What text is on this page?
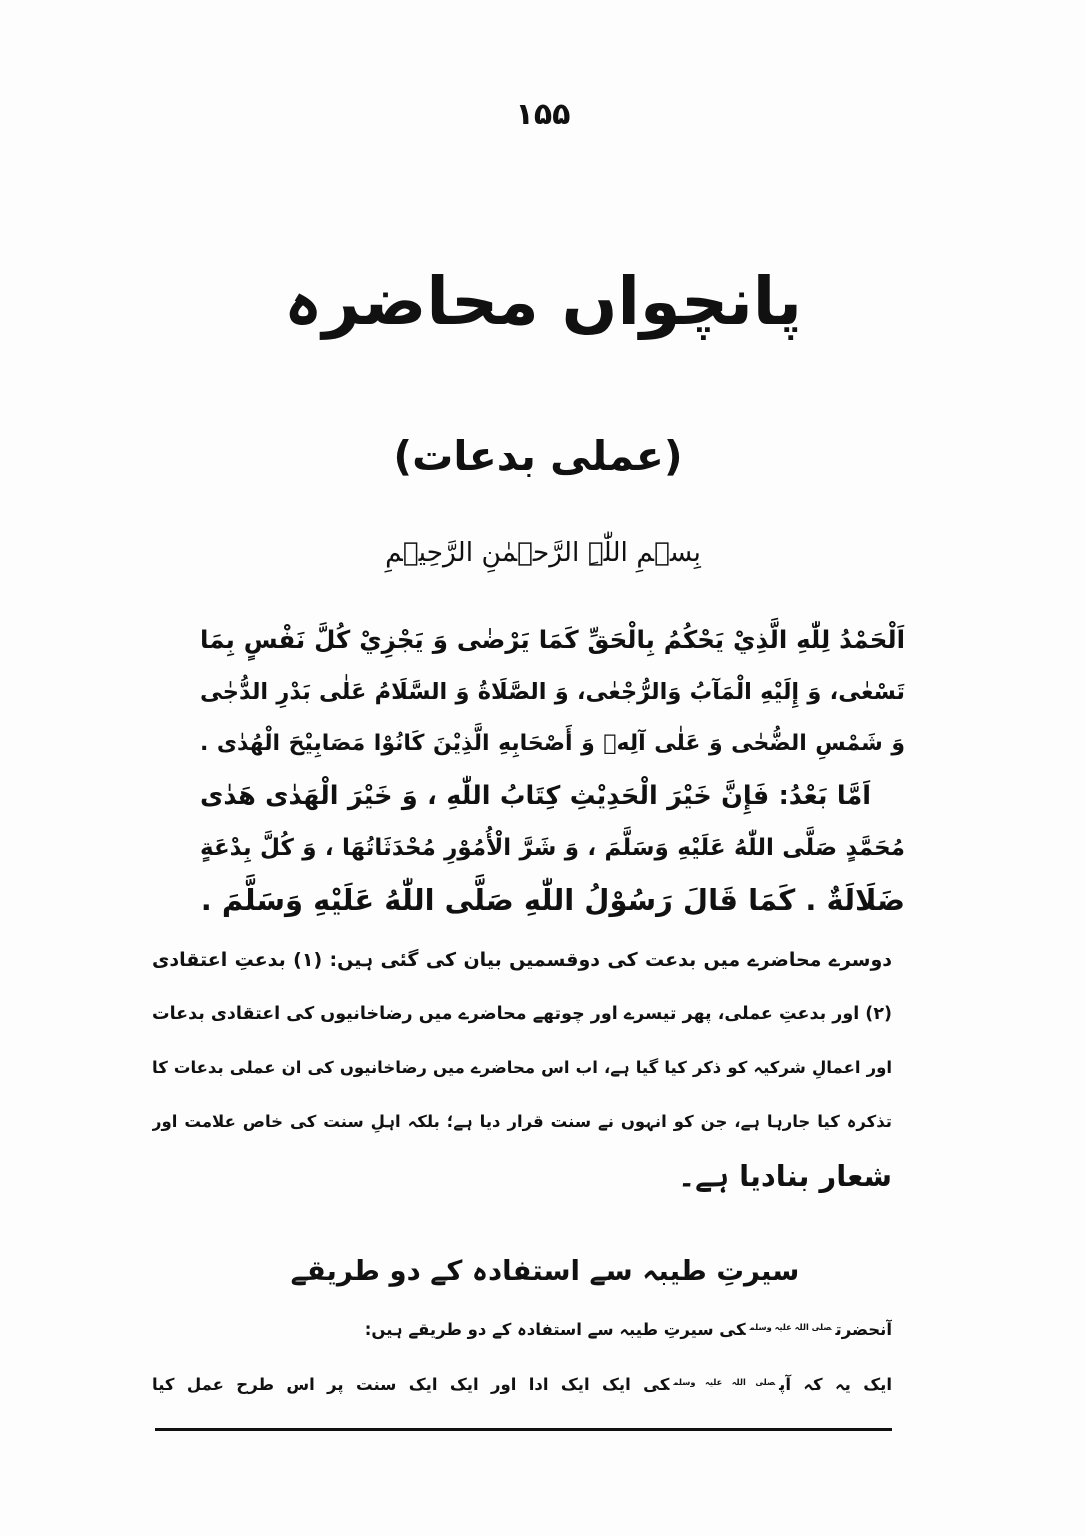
۱۵۵
پانچواں محاضرہ
(عملی بدعات)
بِسۡمِ اللّٰہِ الرَّحۡمٰنِ الرَّحِیۡمِ

اَلْحَمْدُ لِلّٰهِ الَّذِيْ يَحْكُمُ بِالْحَقِّ كَمَا يَرْضٰى وَ يَجْزِيْ كُلَّ نَفْسٍ بِمَا

تَسْعٰى، وَ إِلَيْهِ الْمَآبُ وَالرُّجْعٰى، وَ الصَّلَاةُ وَ السَّلَامُ عَلٰى بَدْرِ الدُّجٰى

وَ شَمْسِ الضُّحٰى وَ عَلٰى آلِهٖ وَ أَصْحَابِهِ الَّذِيْنَ كَانُوْا مَصَابِيْحَ الْهُدٰى .

اَمَّا بَعْدُ: فَإِنَّ خَيْرَ الْحَدِيْثِ كِتَابُ اللّٰهِ ، وَ خَيْرَ الْهَدٰى هَدٰى

مُحَمَّدٍ صَلَّى اللّٰهُ عَلَيْهِ وَسَلَّمَ ، وَ شَرَّ الْأُمُوْرِ مُحْدَثَاتُهَا ، وَ كُلَّ بِدْعَةٍ

ضَلَالَةٌ . كَمَا قَالَ رَسُوْلُ اللّٰهِ صَلَّى اللّٰهُ عَلَيْهِ وَسَلَّمَ .

دوسرے محاضرے میں بدعت کی دوقسمیں بیان کی گئی ہیں: (۱) بدعتِ اعتقادی

(۲) اور بدعتِ عملی، پھر تیسرے اور چوتھے محاضرے میں رضاخانیوں کی اعتقادی بدعات

اور اعمالِ شرکیہ کو ذکر کیا گیا ہے، اب اس محاضرے میں رضاخانیوں کی ان عملی بدعات کا

تذکرہ کیا جارہا ہے، جن کو انہوں نے سنت قرار دیا ہے؛ بلکہ اہلِ سنت کی خاص علامت اور

شعار بنادیا ہے۔

سیرتِ طیبہ سے استفادہ کے دو طریقے

آنحضرت$^{صلی اللہ علیہ وسلم}$کی سیرتِ طیبہ سے استفادہ کے دو طریقے ہیں:

ایک یہ کہ آپ$^{صلی اللہ علیہ وسلم}$کی ایک ایک ادا اور ایک ایک سنت پر اس طرح عمل کیا
